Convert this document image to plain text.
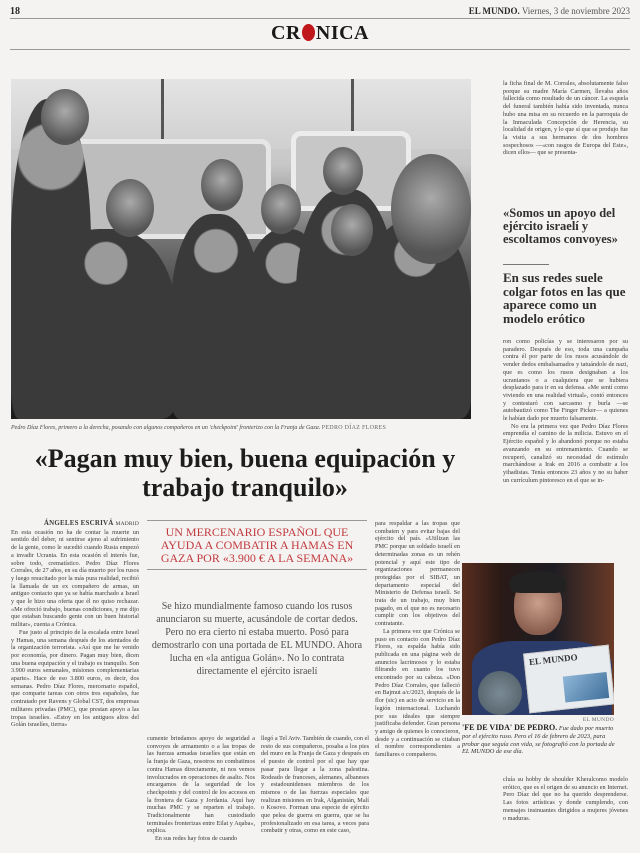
18	EL MUNDO. Viernes, 3 de noviembre 2023
CR NICA
Pedro Díaz Flores, primero a la derecha, posando con algunos compañeros en un 'checkpoint' fronterizo con la Franja de Gaza. PEDRO DÍAZ FLORES
«Pagan muy bien, buena equipación y trabajo tranquilo»
ÁNGELES ESCRIVÁ MADRID

En esta ocasión no ha de contar la muerte un sentido del deber, ni sentirse ajeno al sufrimiento de la gente, como le sucedió cuando Rusia empezó a invadir Ucrania. En esta ocasión el interés fue, sobre todo, crematístico. Pedro Díaz Flores Corrales, de 27 años, en su día muerto por los rusos y luego resucitado por la más pura realidad, recibió la llamada de un ex compañero de armas, un antiguo contacto que ya se había marchado a Israel y que le hizo una oferta que él no quiso rechazar. «Me ofreció trabajo, buenas condiciones, y me dijo que estaban buscando gente con un buen historial militar», cuenta a Crónica.

Fue justo al principio de la escalada entre Israel y Hamas, una semana después de los atentados de la organización terrorista. «Así que me he venido por economía, por dinero. Pagan muy bien, dicen una buena equipación y el trabajo es tranquilo. Son 3.900 euros semanales, misiones complementarias aparte». Hace de eso 3.800 euros, es decir, dos semanas. Pedro Díaz Flores, mercenario español, que comparte tareas con otros tres españoles, fue contratado por Ravens y Global CST, dos empresas militares privadas (PMC), que prestan apoyo a las tropas israelíes. «Estoy en los antiguos altos del Golán israelíes, tierra»

UN MERCENARIO ESPAÑOL QUE AYUDA A COMBATIR A HAMAS EN GAZA POR «3.900 € A LA SEMANA»
Se hizo mundialmente famoso cuando los rusos anunciaron su muerte, acusándole de cortar dedos. Pero no era cierto ni estaba muerto. Posó para demostrarlo con una portada de EL MUNDO. Ahora lucha en «la antigua Golán». No lo contrata directamente el ejército israelí

cumente brindamos apoyo de seguridad a convoyes de armamento o a las tropas de las fuerzas armadas israelíes que están en la franja de Gaza, nosotros no combatimos contra Hamas directamente, ni nos vemos involucrados en operaciones de asalto. Nos encargamos de la seguridad de los checkpoints y del control de los accesos en la frontera de Gaza y Jordania. Aquí hay muchas PMC y se reparten el trabajo. Tradicionalmente han custodiado terminales fronterizas entre Eilat y Aqaba», explica.

En sus redes hay fotos de cuando

llegó a Tel Aviv. También de cuando, con el resto de sus compañeros, posaba a los pies del muro en la Franja de Gaza y después en el puesto de control por el que hay que pasar para llegar a la zona palestina. Rodeado de franceses, alemanes, albaneses y estadounidenses miembros de los mismos o de las fuerzas especiales que realizan misiones en Irak, Afganistán, Malí o Kosovo. Forman una especie de ejército que pelea de guerra en guerra, que se ha profesionalizado en esa tarea, a veces para combatir y otras, como en este caso,

para respaldar a las tropas que combaten y para evitar bajas del ejército del país. «Utilizan las PMC porque un soldado israelí en determinadas zonas es un rehén potencial y aquí este tipo de organizaciones permanecen protegidas por el SIBAT, un departamento especial del Ministerio de Defensa israelí. Se trata de un trabajo, muy bien pagado, en el que no es necesario cumplir con los objetivos del contratante.

La primera vez que Crónica se puso en contacto con Pedro Díaz Flores, su espalda había sido publicada en una página web de anuncios lacrimosos y lo estaba filtrando en cuanto los tuvo encontrado por su cabeza. «Don Pedro Díaz Corrales, que falleció en Bajmut a/c/2023, después de la flor (sic) en acto de servicio en la legión internacional. Luchando por sus ideales que siempre justificaba defender. Gran persona y amigo de quienes lo conocieron, desde y a continuación se citaban el nombre correspondientes a familiares o compañeros.

la ficha final de M. Corrales, absolutamente falso porque su madre María Carmen, llevaba años fallecida como resultado de un cáncer. La esquela del funeral también había sido inventada, nunca hubo una misa en su recuerdo en la parroquia de la Inmaculada Concepción de Herencia, su localidad de origen, y lo que sí que se produjo fue la visita a sus hermanos de dos hombres sospechosos —«con rasgos de Europa del Este», dicen ellos— que se presenta-

«Somos un apoyo del ejército israelí y escoltamos convoyes»
En sus redes suele colgar fotos en las que aparece como un modelo erótico

ron como policías y se interesaron por su paradero. Después de eso, toda una campaña contra él por parte de los rusos acusándole de vender dedos embalsamados y tatuándole de nazi, que es como los rusos designaban a los ucranianos o a cualquiera que se hubiera desplazado para ir en su defensa. «Me sentí como viviendo en una realidad virtual», contó entonces y contestaró con sarcasmo y burla —se autobautizó como The Finger Picker— a quienes le habían dado por muerto falsamente.

No era la primera vez que Pedro Díaz Flores emprendía el camino de la milicia. Estuvo en el Ejército español y lo abandonó porque no estaba avanzando en su entrenamiento. Cuando se recuperó, canalizó su necesidad de estímulo marchándose a Irak en 2016 a combatir a los yihadistas. Tenía entonces 23 años y no su haber un currículum pintoresco en el que se in-

EL MUNDO
EL MUNDO
'FE DE VIDA' DE PEDRO. Fue dado por muerto por el ejército ruso. Pero el 16 de febrero de 2023, para probar que seguía con vida, se fotografió con la portada de EL MUNDO de ese día.

cluía su hobby de shoulder Kheralcomo modelo erótico, que es el origen de su anuncio en Internet. Pero Díaz del que no ha querido desprenderse. Las fotos artísticas y donde cumplendo, con mensajes insinuantes dirigidos a mujeres jóvenes o maduras.
